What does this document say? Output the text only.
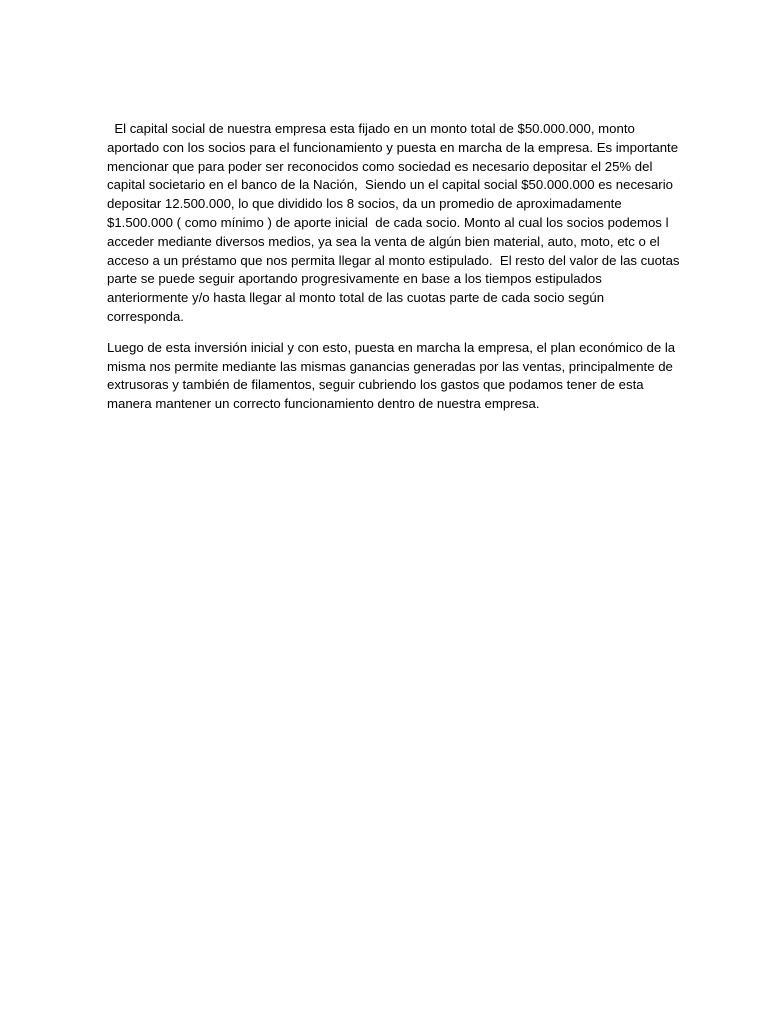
El capital social de nuestra empresa esta fijado en un monto total de $50.000.000, monto
aportado con los socios para el funcionamiento y puesta en marcha de la empresa. Es importante
mencionar que para poder ser reconocidos como sociedad es necesario depositar el 25% del
capital societario en el banco de la Nación,  Siendo un el capital social $50.000.000 es necesario
depositar 12.500.000, lo que dividido los 8 socios, da un promedio de aproximadamente
$1.500.000 ( como mínimo ) de aporte inicial  de cada socio. Monto al cual los socios podemos l
acceder mediante diversos medios, ya sea la venta de algún bien material, auto, moto, etc o el
acceso a un préstamo que nos permita llegar al monto estipulado.  El resto del valor de las cuotas
parte se puede seguir aportando progresivamente en base a los tiempos estipulados
anteriormente y/o hasta llegar al monto total de las cuotas parte de cada socio según
corresponda.
Luego de esta inversión inicial y con esto, puesta en marcha la empresa, el plan económico de la
misma nos permite mediante las mismas ganancias generadas por las ventas, principalmente de
extrusoras y también de filamentos, seguir cubriendo los gastos que podamos tener de esta
manera mantener un correcto funcionamiento dentro de nuestra empresa.
